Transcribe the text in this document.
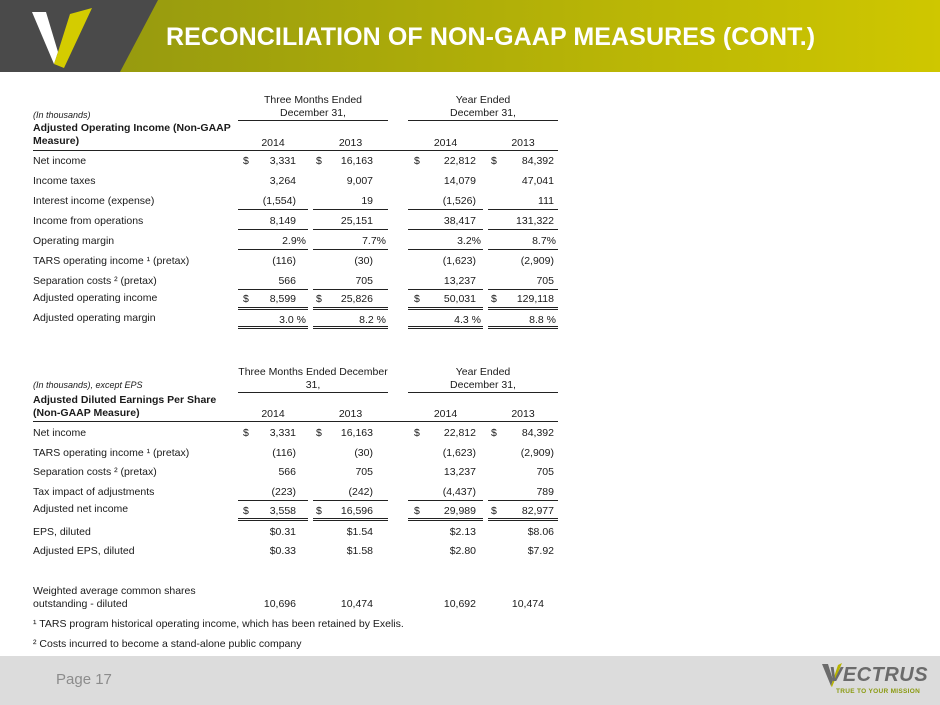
RECONCILIATION OF NON-GAAP MEASURES (CONT.)
Three Months Ended
December 31,
Year Ended
December 31,
(In thousands)
Adjusted Operating Income (Non-GAAP
Measure)	2014	2013	2014	2013
Net income	$	3,331 $	16,163	$	22,812 $	84,392
Income taxes	3,264	9,007	14,079	47,041
Interest income (expense)	(1,554)	19	(1,526)	111
Income from operations	8,149	25,151	38,417	131,322
Operating margin	2.9%	7.7%	3.2%	8.7%
TARS operating income ¹ (pretax)	(116)	(30)	(1,623)	(2,909)
Separation costs ² (pretax)	566	705	13,237	705
Adjusted operating income	$	8,599 $	25,826	$	50,031 $	129,118
Adjusted operating margin	3.0 %	8.2 %	4.3 %	8.8 %
Three Months Ended December
31,
Year Ended
December 31,
(In thousands), except EPS
Adjusted Diluted Earnings Per Share
(Non-GAAP Measure)	2014	2013	2014	2013
Net income	$	3,331 $	16,163	$	22,812 $	84,392
TARS operating income ¹ (pretax)	(116)	(30)	(1,623)	(2,909)
Separation costs ² (pretax)	566	705	13,237	705
Tax impact of adjustments	(223)	(242)	(4,437)	789
Adjusted net income	$	3,558 $	16,596	$	29,989 $	82,977
EPS, diluted	$0.31	$1.54	$2.13	$8.06
Adjusted EPS, diluted	$0.33	$1.58	$2.80	$7.92
Weighted average common shares
outstanding - diluted	10,696	10,474	10,692	10,474
¹ TARS program historical operating income, which has been retained by Exelis.
² Costs incurred to become a stand-alone public company
Page 17	VECTRUS
TRUE TO YOUR MISSION
